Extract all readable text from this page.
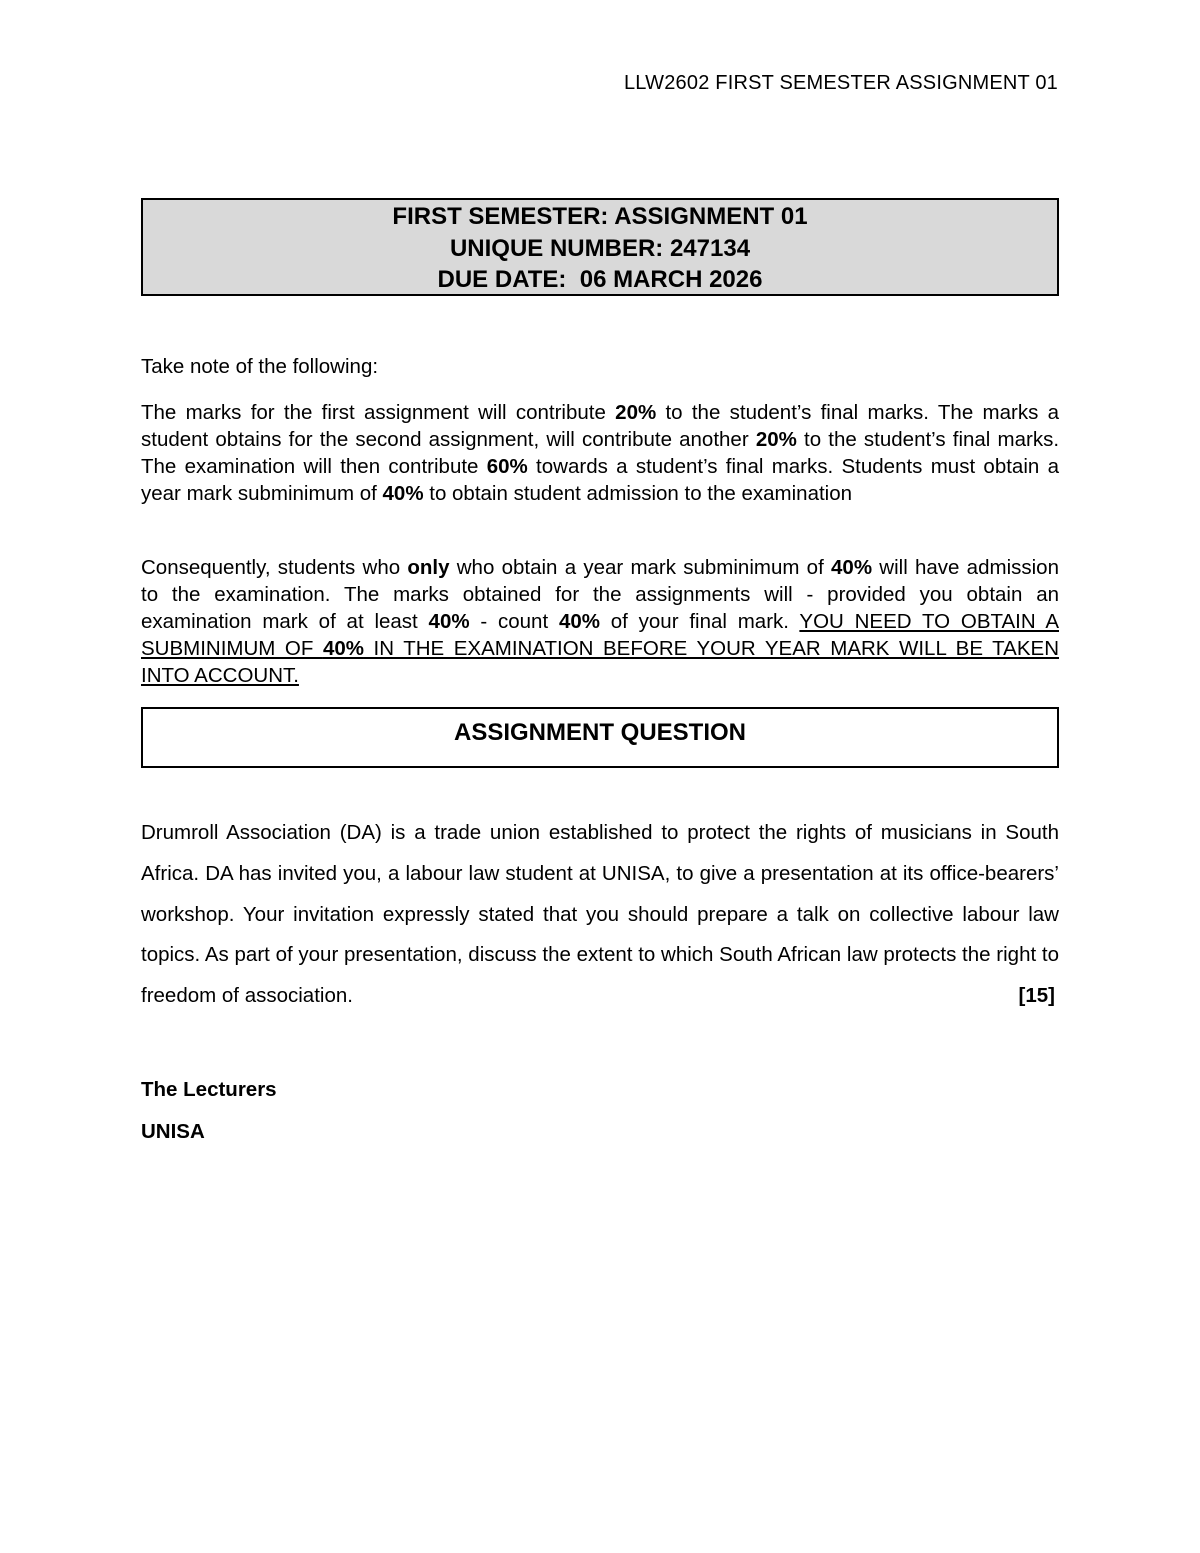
LLW2602 FIRST SEMESTER ASSIGNMENT 01
FIRST SEMESTER: ASSIGNMENT 01
UNIQUE NUMBER: 247134
DUE DATE:  06 MARCH 2026
Take note of the following:
The marks for the first assignment will contribute 20% to the student’s final marks. The marks a student obtains for the second assignment, will contribute another 20% to the student’s final marks. The examination will then contribute 60% towards a student’s final marks. Students must obtain a year mark subminimum of 40% to obtain student admission to the examination
Consequently, students who only who obtain a year mark subminimum of 40% will have admission to the examination. The marks obtained for the assignments will - provided you obtain an examination mark of at least 40% - count 40% of your final mark. YOU NEED TO OBTAIN A SUBMINIMUM OF 40% IN THE EXAMINATION BEFORE YOUR YEAR MARK WILL BE TAKEN INTO ACCOUNT.
ASSIGNMENT QUESTION
Drumroll Association (DA) is a trade union established to protect the rights of musicians in South Africa. DA has invited you, a labour law student at UNISA, to give a presentation at its office-bearers’ workshop. Your invitation expressly stated that you should prepare a talk on collective labour law topics. As part of your presentation, discuss the extent to which South African law protects the right to freedom of association.	[15]
The Lecturers
UNISA
